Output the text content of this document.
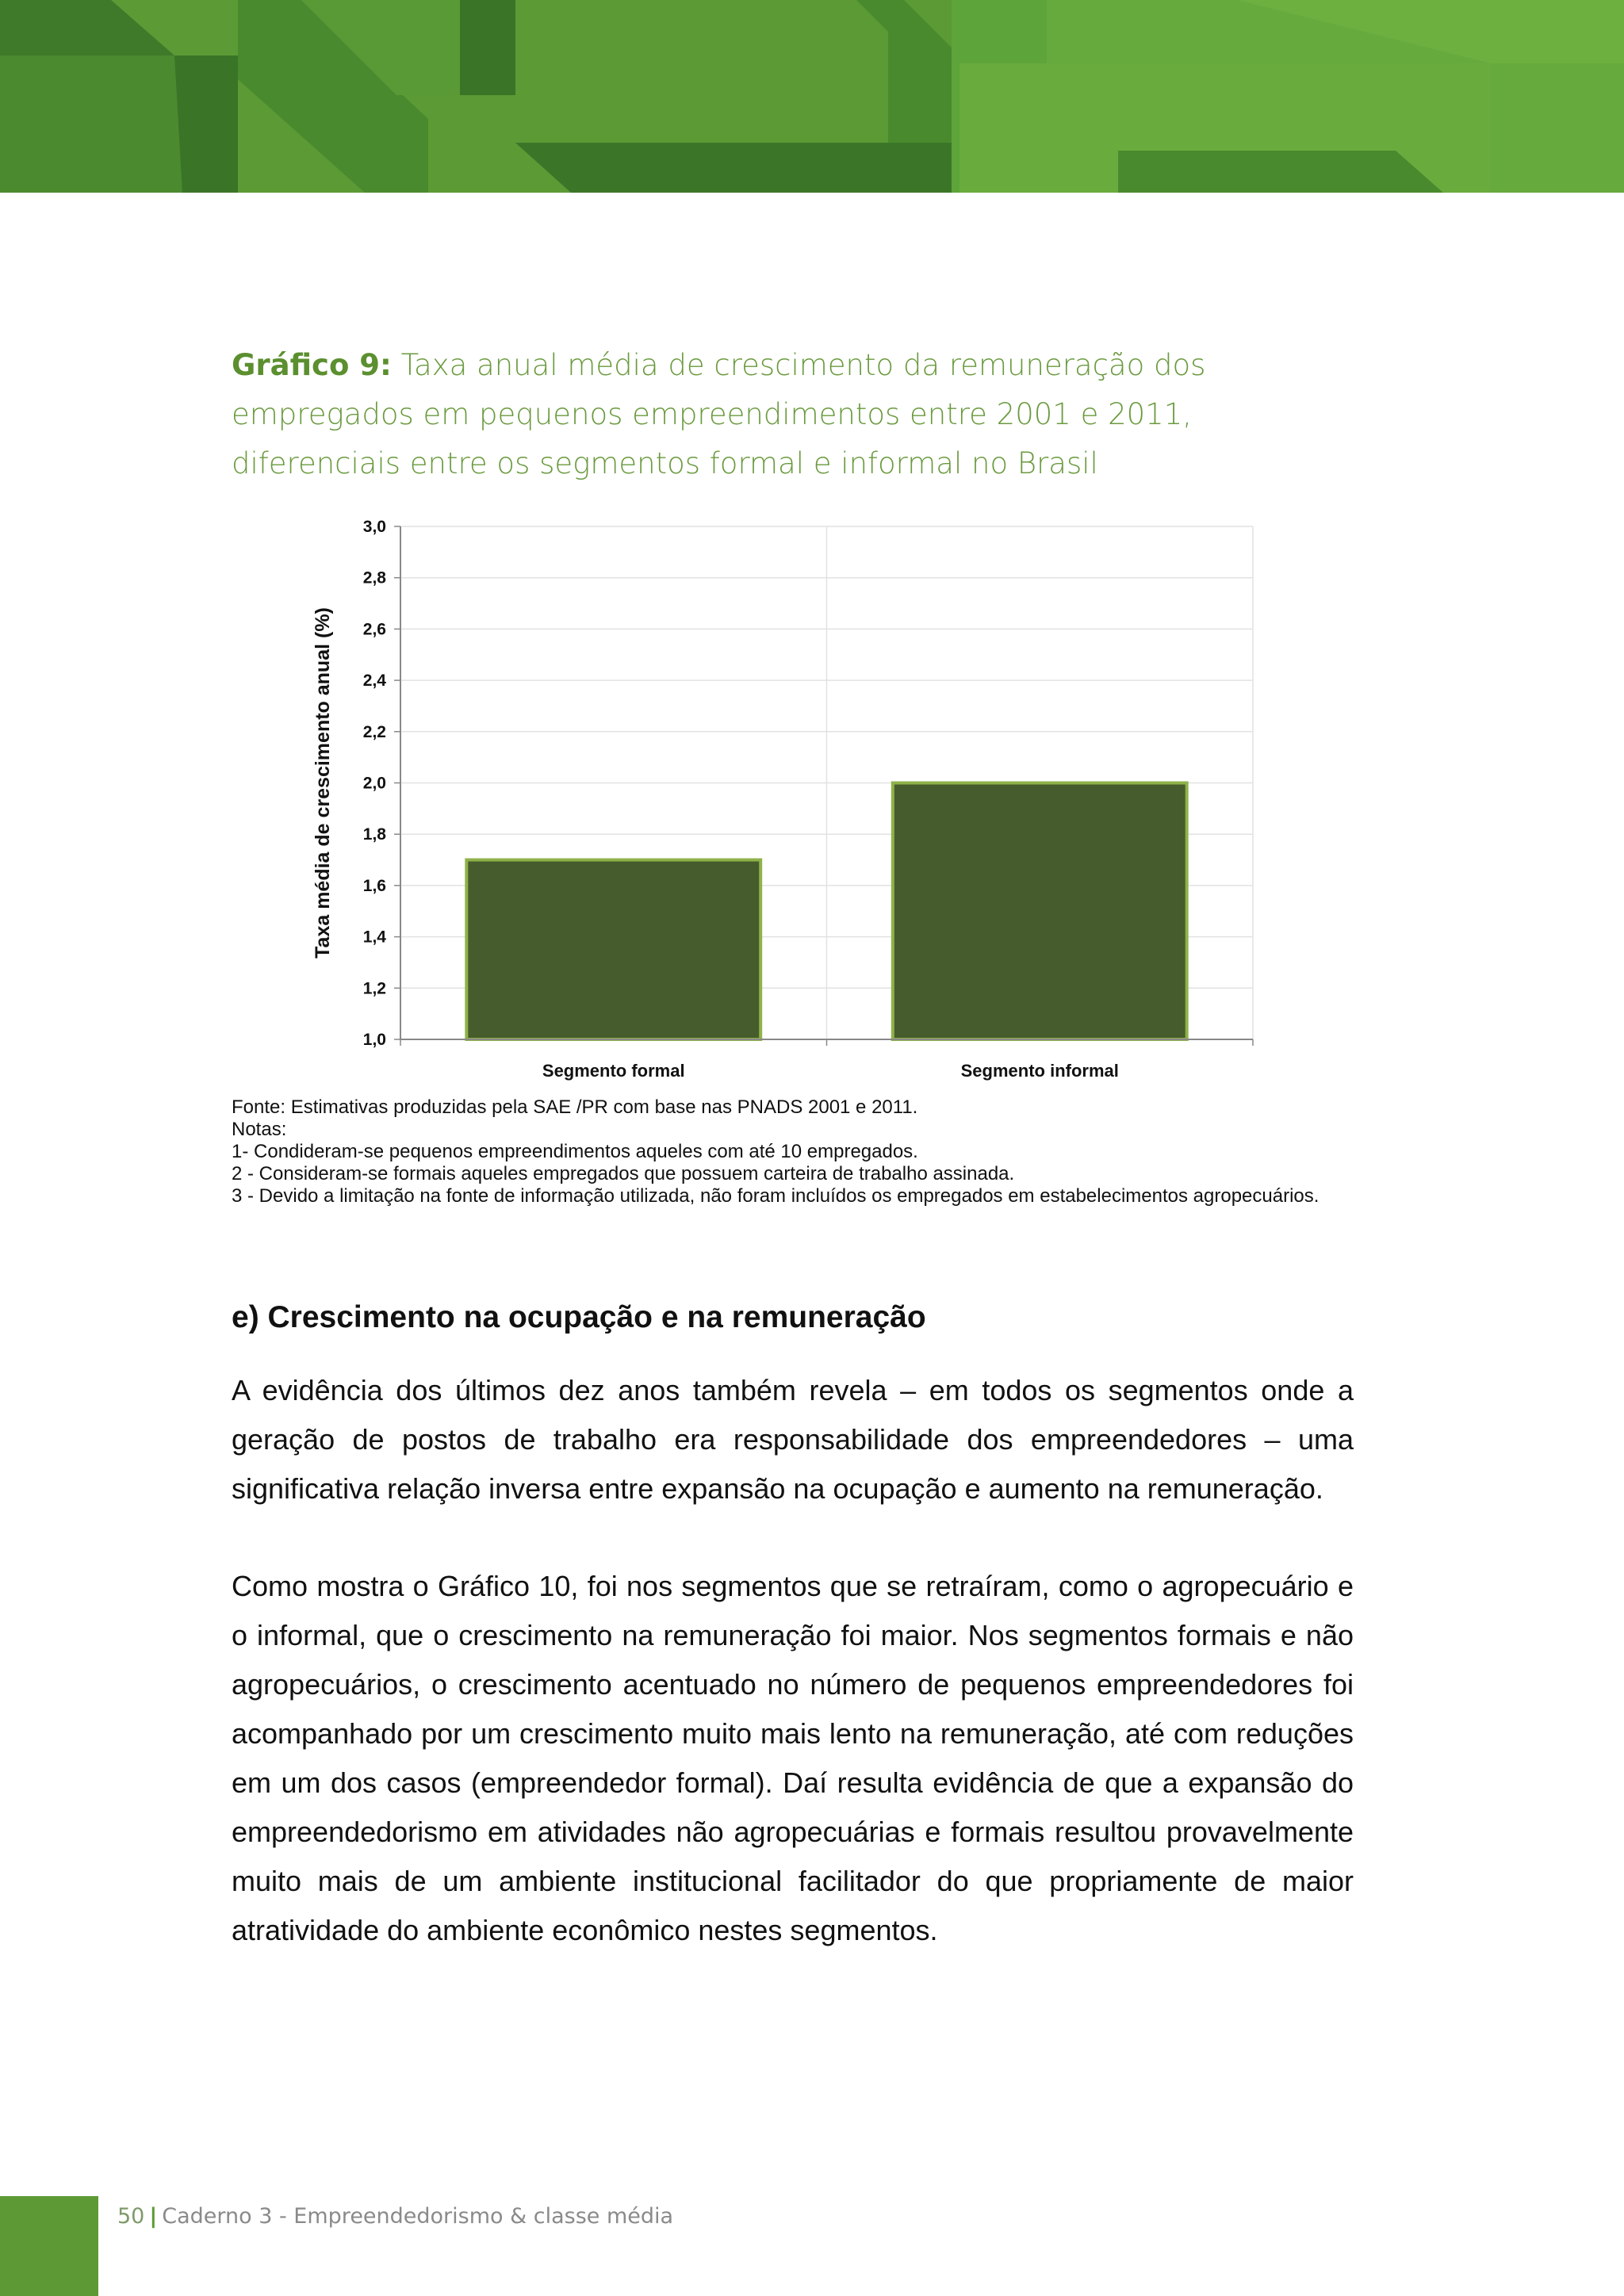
Gráfico 9: Taxa anual média de crescimento da remuneração dos empregados em pequenos empreendimentos entre 2001 e 2011, diferenciais entre os segmentos formal e informal no Brasil

1,0
1,2
1,4
1,6
1,8
2,0
2,2
2,4
2,6
2,8
3,0
Segmento formal	Segmento informal
Taxa média de crescimento anual (%)
Fonte: Estimativas produzidas pela SAE /PR com base nas PNADS 2001 e 2011.
Notas:
1- Condideram-se pequenos empreendimentos aqueles com até 10 empregados.
2 - Consideram-se formais aqueles empregados que possuem carteira de trabalho assinada.
3 - Devido a limitação na fonte de informação utilizada, não foram incluídos os empregados em estabelecimentos agropecuários.
e) Crescimento na ocupação e na remuneração

A evidência dos últimos dez anos também revela – em todos os segmentos onde a geração de postos de trabalho era responsabilidade dos empreendedores – uma significativa relação inversa entre expansão na ocupação e aumento na remuneração.

Como mostra o Gráfico 10, foi nos segmentos que se retraíram, como o agropecuário e o informal, que o crescimento na remuneração foi maior. Nos segmentos formais e não agropecuários, o crescimento acentuado no número de pequenos empreendedores foi acompanhado por um crescimento muito mais lento na remuneração, até com reduções em um dos casos (empreendedor formal). Daí resulta evidência de que a expansão do empreendedorismo em atividades não agropecuárias e formais resultou provavelmente muito mais de um ambiente institucional facilitador do que propriamente de maior atratividade do ambiente econômico nestes segmentos.

50 | Caderno 3 - Empreendedorismo & classe média
